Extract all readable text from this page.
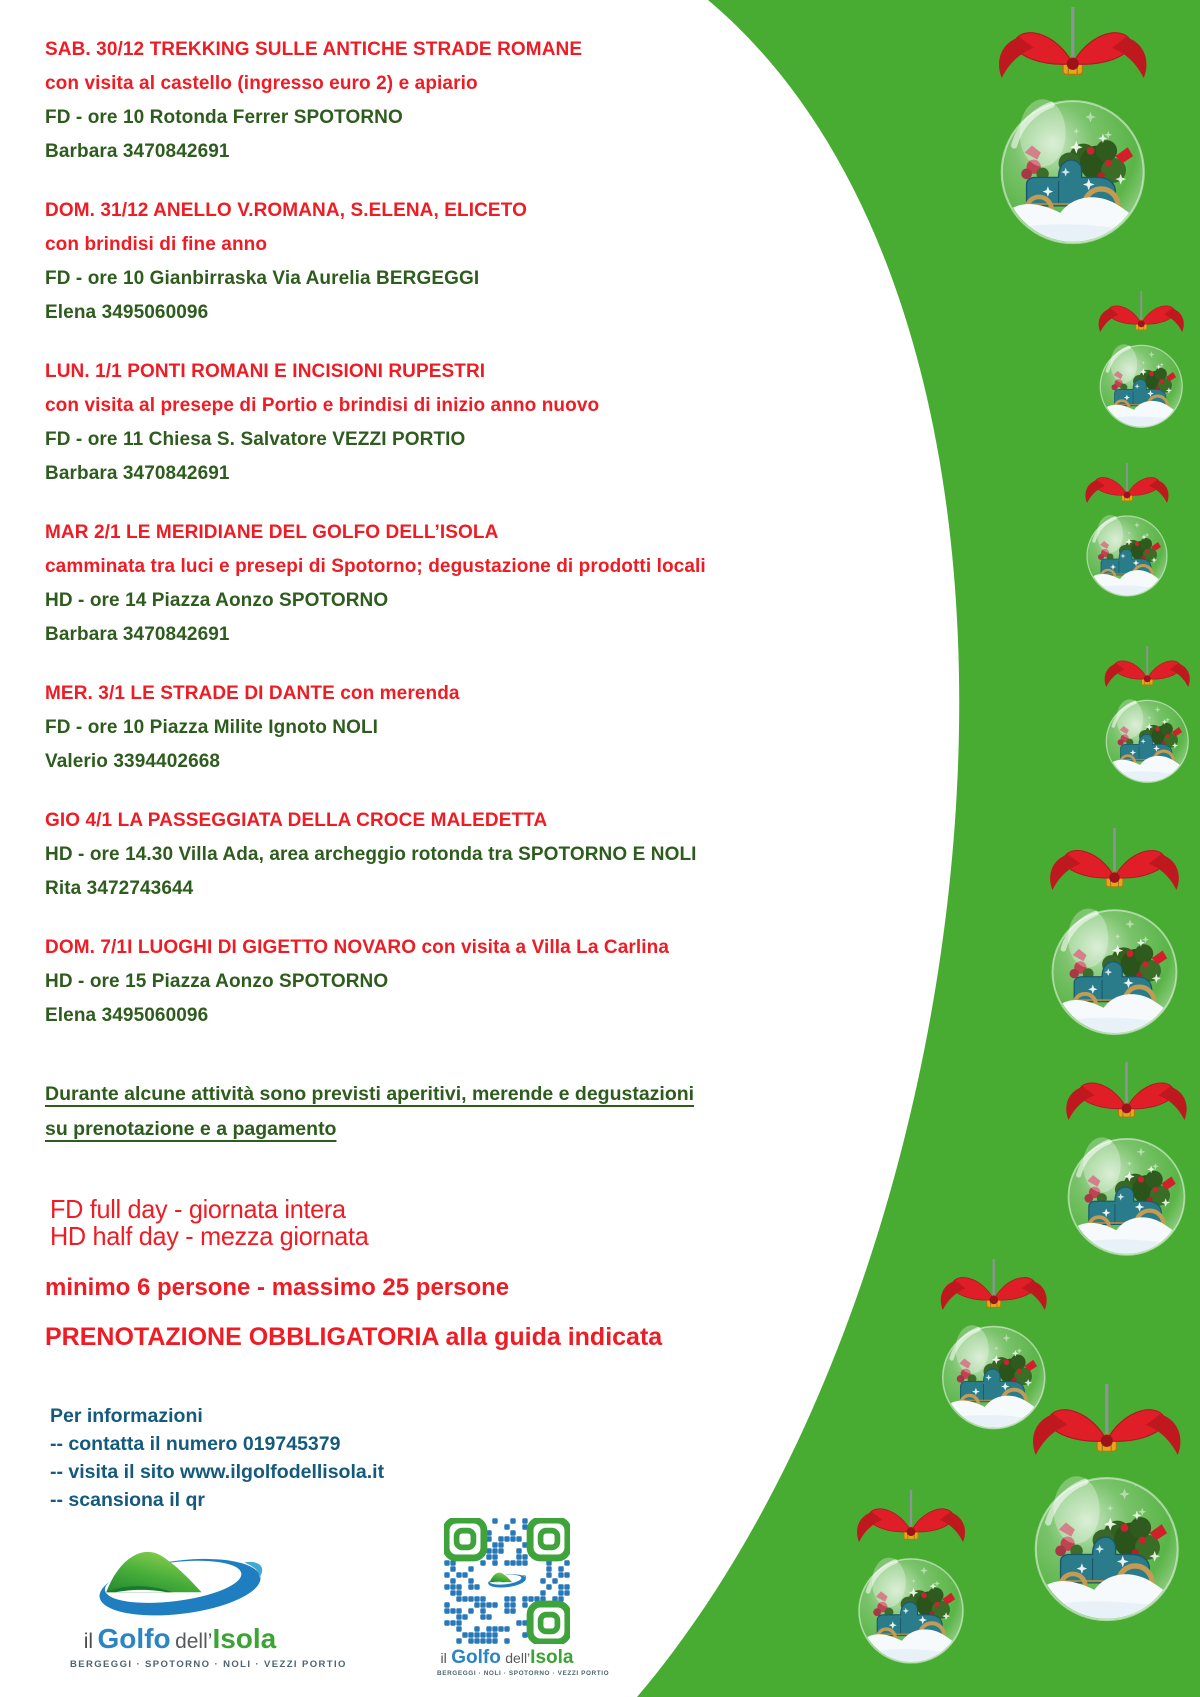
SAB. 30/12 TREKKING SULLE ANTICHE STRADE ROMANE

con visita al castello (ingresso euro 2) e apiario

FD - ore 10 Rotonda Ferrer SPOTORNO

Barbara 3470842691

DOM. 31/12 ANELLO V.ROMANA, S.ELENA, ELICETO

con brindisi di fine anno

FD - ore 10 Gianbirraska Via Aurelia BERGEGGI

Elena 3495060096

LUN. 1/1 PONTI ROMANI E INCISIONI RUPESTRI

con visita al presepe di Portio e brindisi di inizio anno nuovo

FD - ore 11 Chiesa S. Salvatore VEZZI PORTIO

Barbara 3470842691

MAR 2/1 LE MERIDIANE DEL GOLFO DELL’ISOLA

camminata tra luci e presepi di Spotorno; degustazione di prodotti locali

HD - ore 14 Piazza Aonzo SPOTORNO

Barbara 3470842691

MER. 3/1 LE STRADE DI DANTE con merenda

FD - ore 10 Piazza Milite Ignoto NOLI

Valerio 3394402668

GIO 4/1 LA PASSEGGIATA DELLA CROCE MALEDETTA

HD - ore 14.30 Villa Ada, area archeggio rotonda tra SPOTORNO E NOLI

Rita 3472743644

DOM. 7/1I LUOGHI DI GIGETTO NOVARO con visita a Villa La Carlina

HD - ore 15 Piazza Aonzo SPOTORNO

Elena 3495060096

Durante alcune attività sono previsti aperitivi, merende e degustazioni
su prenotazione e a pagamento

FD full day - giornata intera

HD half day - mezza giornata

minimo 6 persone - massimo 25 persone

PRENOTAZIONE OBBLIGATORIA alla guida indicata

Per informazioni

-- contatta il numero 019745379

-- visita il sito www.ilgolfodellisola.it

-- scansiona il qr

il Golfo dell’Isola

BERGEGGI · SPOTORNO · NOLI · VEZZI PORTIO	il Golfo dell’Isola

BERGEGGI · NOLI · SPOTORNO · VEZZI PORTIO
